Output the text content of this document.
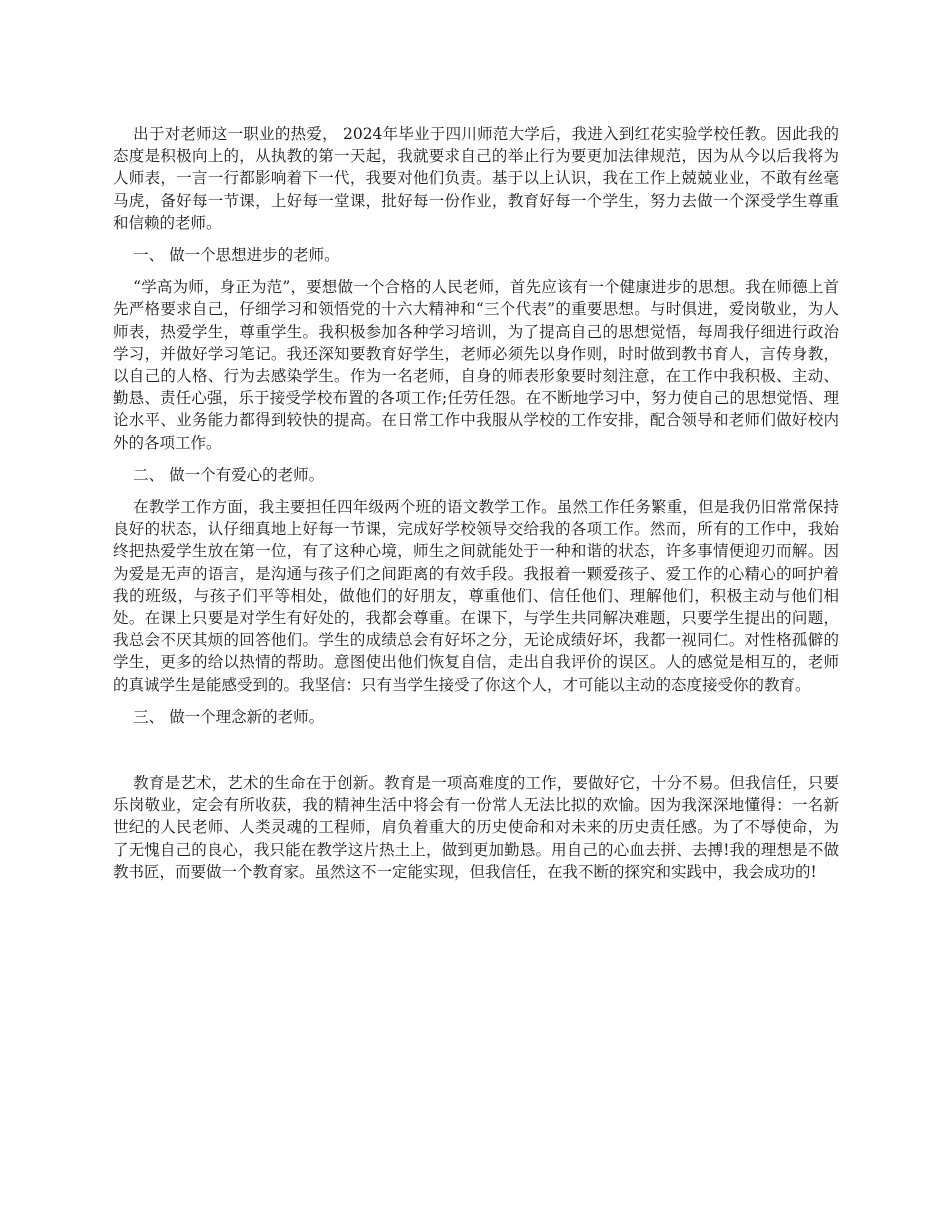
出于对老师这一职业的热爱， 2024年毕业于四川师范大学后，我进入到红花实验学校任教。因此我的态度是积极向上的，从执教的第一天起，我就要求自己的举止行为要更加法律规范，因为从今以后我将为人师表，一言一行都影响着下一代，我要对他们负责。基于以上认识，我在工作上兢兢业业，不敢有丝毫马虎，备好每一节课，上好每一堂课，批好每一份作业，教育好每一个学生，努力去做一个深受学生尊重和信赖的老师。

一、 做一个思想进步的老师。

“学高为师，身正为范”，要想做一个合格的人民老师，首先应该有一个健康进步的思想。我在师德上首先严格要求自己，仔细学习和领悟党的十六大精神和“三个代表”的重要思想。与时俱进，爱岗敬业，为人师表，热爱学生，尊重学生。我积极参加各种学习培训，为了提高自己的思想觉悟，每周我仔细进行政治学习，并做好学习笔记。我还深知要教育好学生，老师必须先以身作则，时时做到教书育人，言传身教，以自己的人格、行为去感染学生。作为一名老师，自身的师表形象要时刻注意，在工作中我积极、主动、勤恳、责任心强，乐于接受学校布置的各项工作;任劳任怨。在不断地学习中，努力使自己的思想觉悟、理论水平、业务能力都得到较快的提高。在日常工作中我服从学校的工作安排，配合领导和老师们做好校内外的各项工作。

二、 做一个有爱心的老师。

在教学工作方面，我主要担任四年级两个班的语文教学工作。虽然工作任务繁重，但是我仍旧常常保持良好的状态，认仔细真地上好每一节课，完成好学校领导交给我的各项工作。然而，所有的工作中，我始终把热爱学生放在第一位，有了这种心境，师生之间就能处于一种和谐的状态，许多事情便迎刃而解。因为爱是无声的语言，是沟通与孩子们之间距离的有效手段。我报着一颗爱孩子、爱工作的心精心的呵护着我的班级，与孩子们平等相处，做他们的好朋友，尊重他们、信任他们、理解他们，积极主动与他们相处。在课上只要是对学生有好处的，我都会尊重。在课下，与学生共同解决难题，只要学生提出的问题，我总会不厌其烦的回答他们。学生的成绩总会有好坏之分，无论成绩好坏，我都一视同仁。对性格孤僻的学生，更多的给以热情的帮助。意图使出他们恢复自信，走出自我评价的误区。人的感觉是相互的，老师的真诚学生是能感受到的。我坚信：只有当学生接受了你这个人，才可能以主动的态度接受你的教育。

三、 做一个理念新的老师。

教育是艺术，艺术的生命在于创新。教育是一项高难度的工作，要做好它，十分不易。但我信任，只要乐岗敬业，定会有所收获，我的精神生活中将会有一份常人无法比拟的欢愉。因为我深深地懂得：一名新世纪的人民老师、人类灵魂的工程师，肩负着重大的历史使命和对未来的历史责任感。为了不辱使命，为了无愧自己的良心，我只能在教学这片热土上，做到更加勤恳。用自己的心血去拼、去搏!我的理想是不做教书匠，而要做一个教育家。虽然这不一定能实现，但我信任，在我不断的探究和实践中，我会成功的!
